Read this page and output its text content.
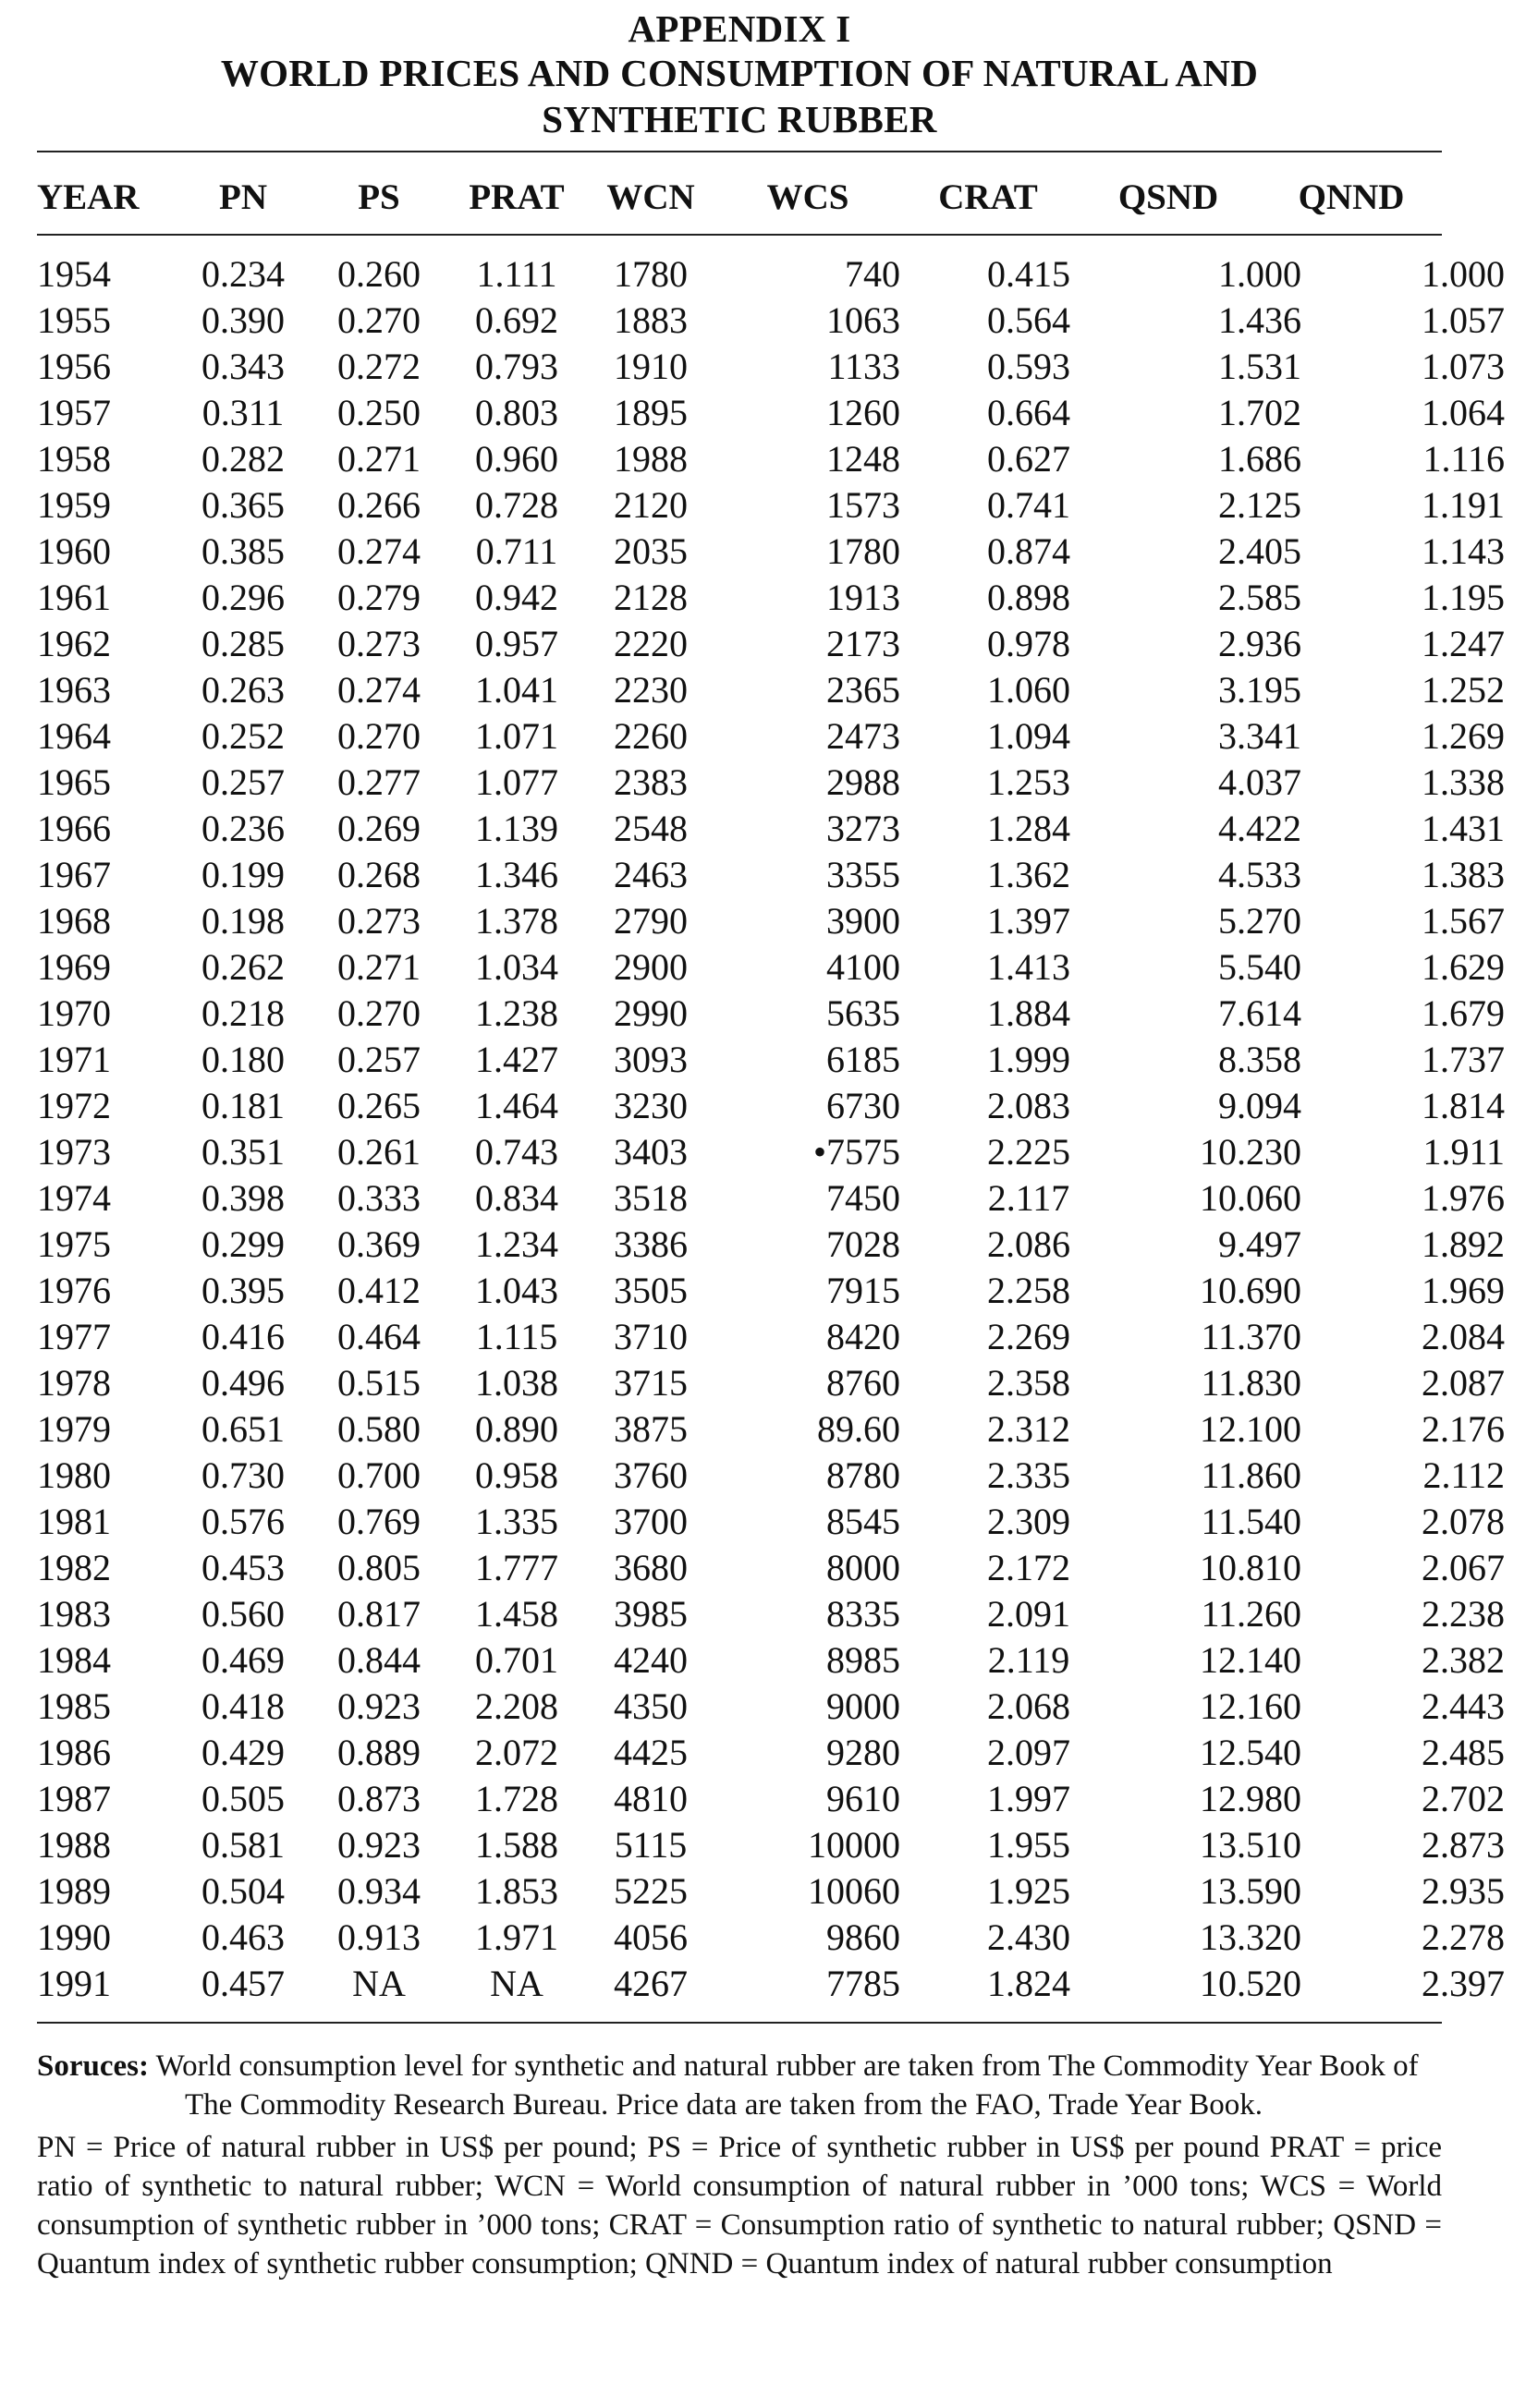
APPENDIX I
WORLD PRICES AND CONSUMPTION OF NATURAL AND
SYNTHETIC RUBBER
YEAR	PN	PS	PRAT	WCN	WCS	CRAT	QSND	QNND
1954	0.234	0.260	1.111	1780	740	0.415	1.000	1.000
1955	0.390	0.270	0.692	1883	1063	0.564	1.436	1.057
1956	0.343	0.272	0.793	1910	1133	0.593	1.531	1.073
1957	0.311	0.250	0.803	1895	1260	0.664	1.702	1.064
1958	0.282	0.271	0.960	1988	1248	0.627	1.686	1.116
1959	0.365	0.266	0.728	2120	1573	0.741	2.125	1.191
1960	0.385	0.274	0.711	2035	1780	0.874	2.405	1.143
1961	0.296	0.279	0.942	2128	1913	0.898	2.585	1.195
1962	0.285	0.273	0.957	2220	2173	0.978	2.936	1.247
1963	0.263	0.274	1.041	2230	2365	1.060	3.195	1.252
1964	0.252	0.270	1.071	2260	2473	1.094	3.341	1.269
1965	0.257	0.277	1.077	2383	2988	1.253	4.037	1.338
1966	0.236	0.269	1.139	2548	3273	1.284	4.422	1.431
1967	0.199	0.268	1.346	2463	3355	1.362	4.533	1.383
1968	0.198	0.273	1.378	2790	3900	1.397	5.270	1.567
1969	0.262	0.271	1.034	2900	4100	1.413	5.540	1.629
1970	0.218	0.270	1.238	2990	5635	1.884	7.614	1.679
1971	0.180	0.257	1.427	3093	6185	1.999	8.358	1.737
1972	0.181	0.265	1.464	3230	6730	2.083	9.094	1.814
1973	0.351	0.261	0.743	3403	•7575	2.225	10.230	1.911
1974	0.398	0.333	0.834	3518	7450	2.117	10.060	1.976
1975	0.299	0.369	1.234	3386	7028	2.086	9.497	1.892
1976	0.395	0.412	1.043	3505	7915	2.258	10.690	1.969
1977	0.416	0.464	1.115	3710	8420	2.269	11.370	2.084
1978	0.496	0.515	1.038	3715	8760	2.358	11.830	2.087
1979	0.651	0.580	0.890	3875	89.60	2.312	12.100	2.176
1980	0.730	0.700	0.958	3760	8780	2.335	11.860	2.112
1981	0.576	0.769	1.335	3700	8545	2.309	11.540	2.078
1982	0.453	0.805	1.777	3680	8000	2.172	10.810	2.067
1983	0.560	0.817	1.458	3985	8335	2.091	11.260	2.238
1984	0.469	0.844	0.701	4240	8985	2.119	12.140	2.382
1985	0.418	0.923	2.208	4350	9000	2.068	12.160	2.443
1986	0.429	0.889	2.072	4425	9280	2.097	12.540	2.485
1987	0.505	0.873	1.728	4810	9610	1.997	12.980	2.702
1988	0.581	0.923	1.588	5115	10000	1.955	13.510	2.873
1989	0.504	0.934	1.853	5225	10060	1.925	13.590	2.935
1990	0.463	0.913	1.971	4056	9860	2.430	13.320	2.278
1991	0.457	NA	NA	4267	7785	1.824	10.520	2.397

Soruces: World consumption level for synthetic and natural rubber are taken from The Commodity Year Book of The Commodity Research Bureau. Price data are taken from the FAO, Trade Year Book.

PN = Price of natural rubber in US$ per pound; PS = Price of synthetic rubber in US$ per pound PRAT = price ratio of synthetic to natural rubber; WCN = World consumption of natural rubber in ’000 tons; WCS = World consumption of synthetic rubber in ’000 tons; CRAT = Consumption ratio of synthetic to natural rubber; QSND = Quantum index of synthetic rubber consumption; QNND = Quantum index of natural rubber consumption
